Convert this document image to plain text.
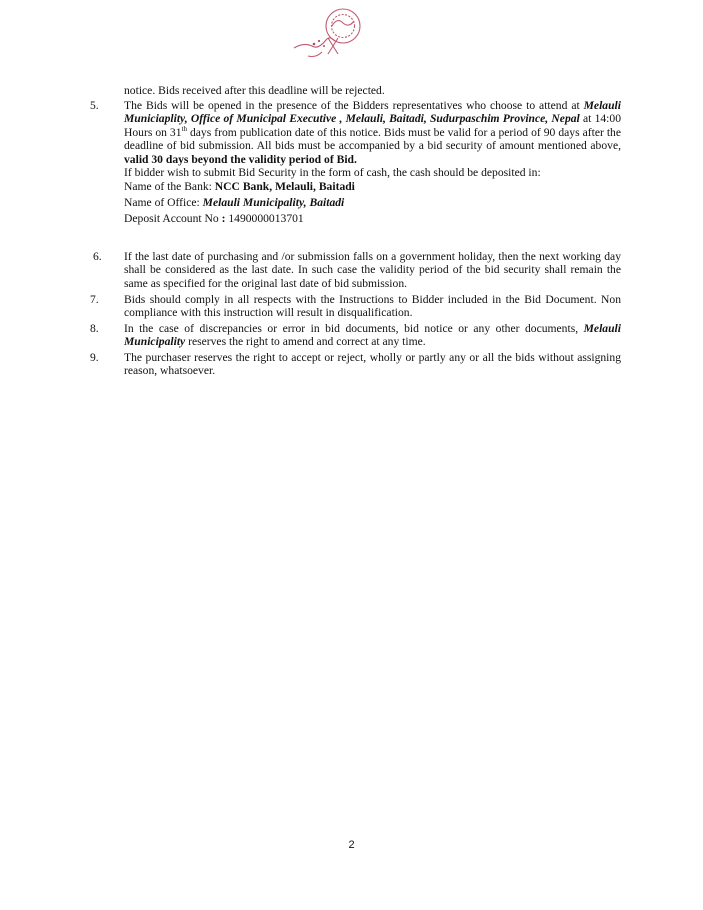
notice. Bids received after this deadline will be rejected.
5.	The Bids will be opened in the presence of the Bidders representatives who choose to attend at Melauli Municiaplity, Office of Municipal Executive , Melauli, Baitadi, Sudurpaschim Province, Nepal at 14:00 Hours on 31th days from publication date of this notice. Bids must be valid for a period of 90 days after the deadline of bid submission. All bids must be accompanied by a bid security of amount mentioned above, valid 30 days beyond the validity period of Bid.
If bidder wish to submit Bid Security in the form of cash, the cash should be deposited in:
Name of the Bank: NCC Bank, Melauli, Baitadi
Name of Office: Melauli Municipality, Baitadi
Deposit Account No : 1490000013701
6.	If the last date of purchasing and /or submission falls on a government holiday, then the next working day shall be considered as the last date. In such case the validity period of the bid security shall remain the same as specified for the original last date of bid submission.
7.	Bids should comply in all respects with the Instructions to Bidder included in the Bid Document. Non compliance with this instruction will result in disqualification.
8.	In the case of discrepancies or error in bid documents, bid notice or any other documents, Melauli Municipality reserves the right to amend and correct at any time.
9.	The purchaser reserves the right to accept or reject, wholly or partly any or all the bids without assigning reason, whatsoever.
2
